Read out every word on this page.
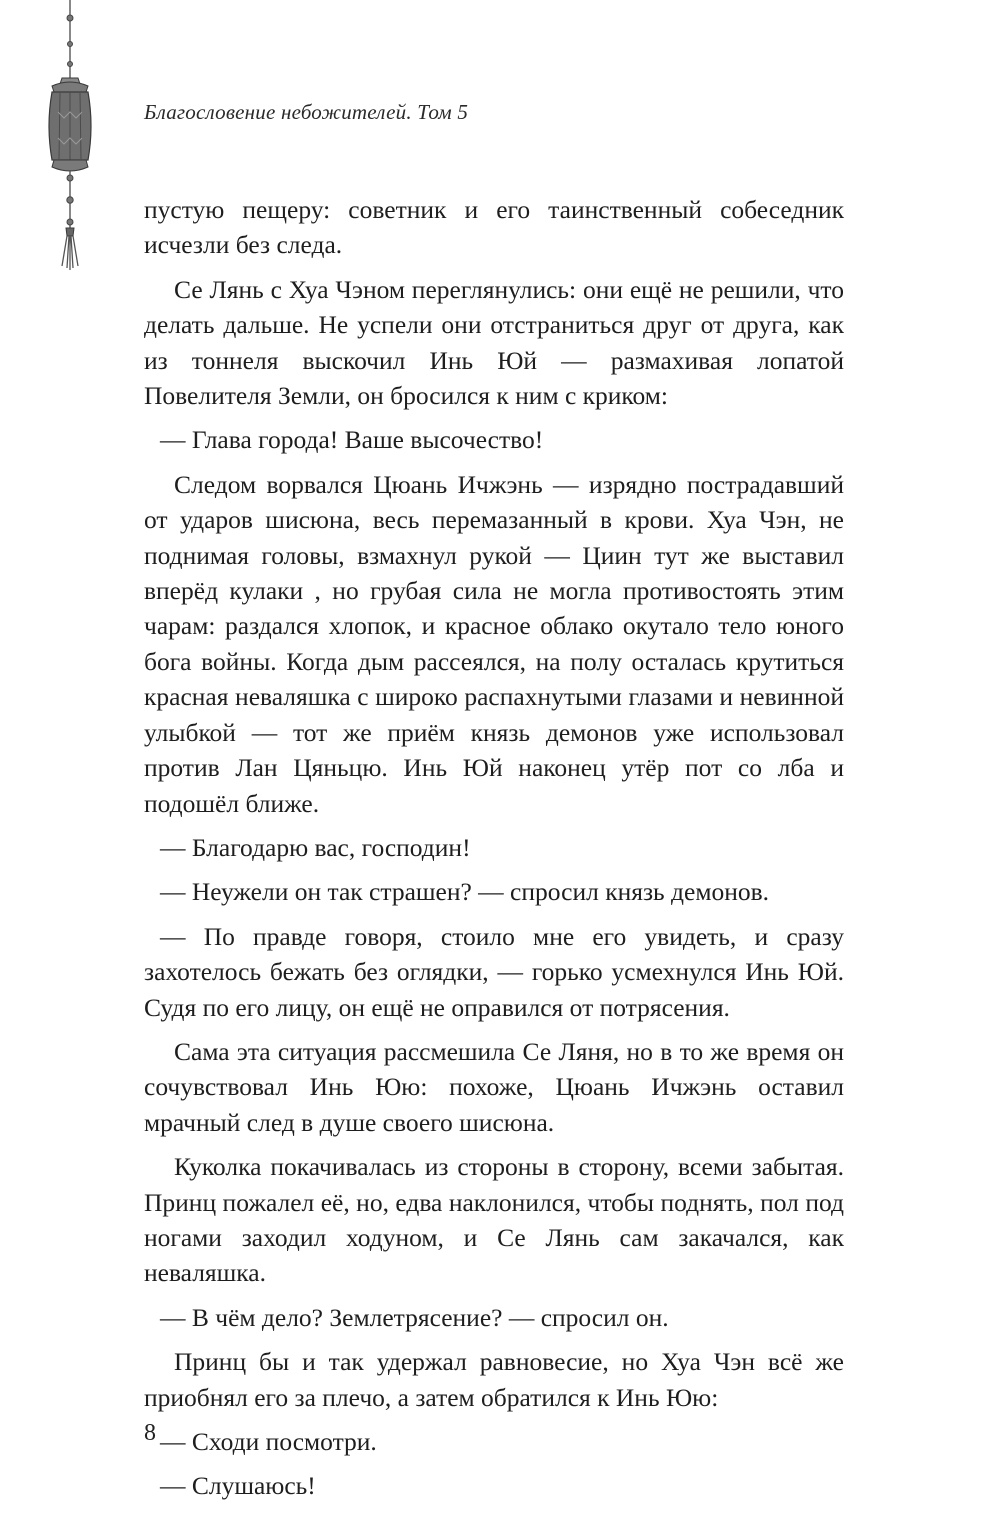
Благословение небожителей. Том 5

пустую пещеру: советник и его таинственный собеседник исчезли без следа.

Се Лянь с Хуа Чэном переглянулись: они ещё не решили, что делать дальше. Не успели они отстраниться друг от друга, как из тоннеля выскочил Инь Юй — размахивая лопатой Повелителя Земли, он бросился к ним с криком:

— Глава города! Ваше высочество!

Следом ворвался Цюань Ичжэнь — изрядно пострадавший от ударов шисюна, весь перемазанный в крови. Хуа Чэн, не поднимая головы, взмахнул рукой — Циин тут же выставил вперёд кулаки , но грубая сила не могла противостоять этим чарам: раздался хлопок, и красное облако окутало тело юного бога войны. Когда дым рассеялся, на полу осталась крутиться красная неваляшка с широко распахнутыми глазами и невинной улыбкой — тот же приём князь демонов уже использовал против Лан Цяньцю. Инь Юй наконец утёр пот со лба и подошёл ближе.

— Благодарю вас, господин!

— Неужели он так страшен? — спросил князь демонов.

— По правде говоря, стоило мне его увидеть, и сразу захотелось бежать без оглядки, — горько усмехнулся Инь Юй. Судя по его лицу, он ещё не оправился от потрясения.

Сама эта ситуация рассмешила Се Ляня, но в то же время он сочувствовал Инь Юю: похоже, Цюань Ичжэнь оставил мрачный след в душе своего шисюна.

Куколка покачивалась из стороны в сторону, всеми забытая. Принц пожалел её, но, едва наклонился, чтобы поднять, пол под ногами заходил ходуном, и Се Лянь сам закачался, как неваляшка.

— В чём дело? Землетрясение? — спросил он.

Принц бы и так удержал равновесие, но Хуа Чэн всё же приобнял его за плечо, а затем обратился к Инь Юю:

— Сходи посмотри.

— Слушаюсь!

8
